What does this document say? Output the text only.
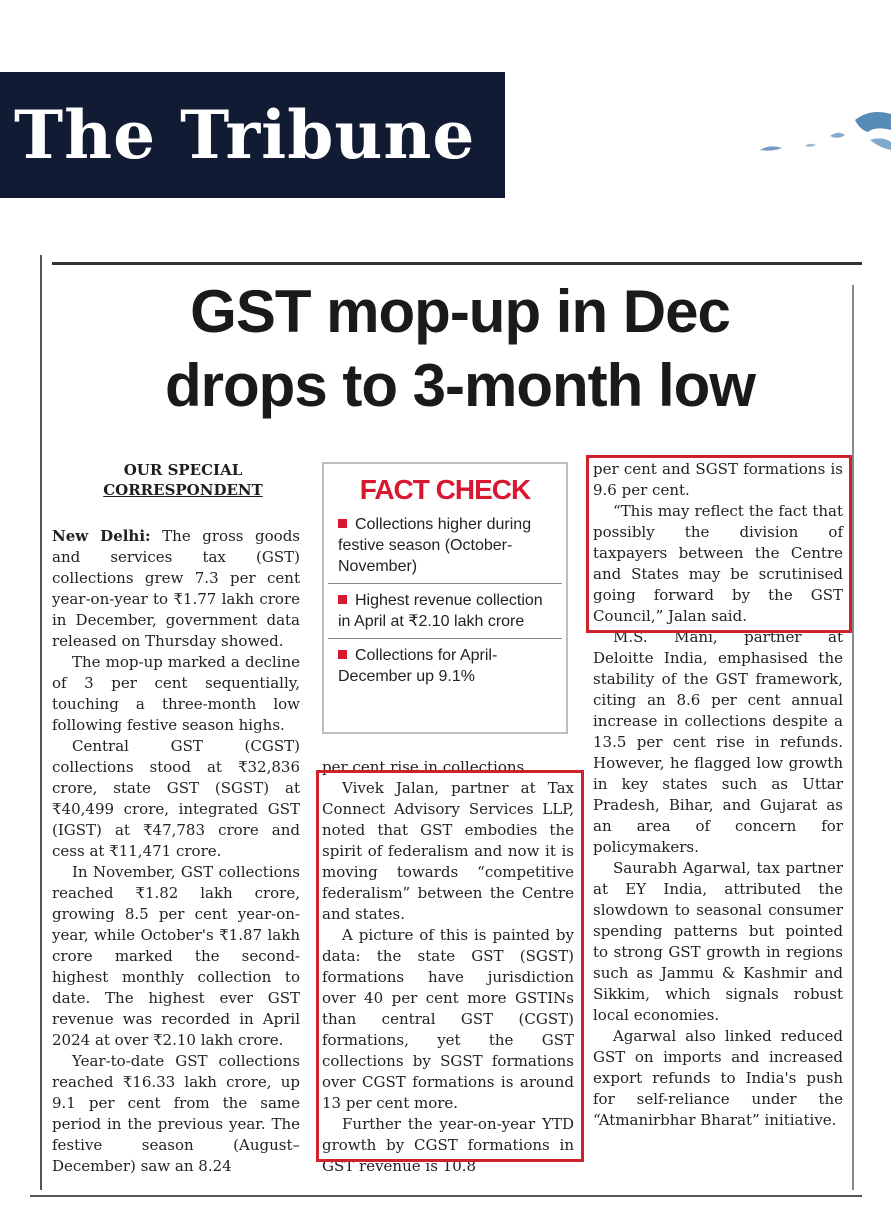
The Tribune
GST mop-up in Dec
drops to 3-month low
OUR SPECIAL
CORRESPONDENT

New Delhi: The gross goods and services tax (GST) collections grew 7.3 per cent year-on-year to ₹1.77 lakh crore in December, government data released on Thursday showed.

The mop-up marked a decline of 3 per cent sequentially, touching a three-month low following festive season highs.

Central GST (CGST) collections stood at ₹32,836 crore, state GST (SGST) at ₹40,499 crore, integrated GST (IGST) at ₹47,783 crore and cess at ₹11,471 crore.

In November, GST collections reached ₹1.82 lakh crore, growing 8.5 per cent year-on-year, while October's ₹1.87 lakh crore marked the second-highest monthly collection to date. The highest ever GST revenue was recorded in April 2024 at over ₹2.10 lakh crore.

Year-to-date GST collections reached ₹16.33 lakh crore, up 9.1 per cent from the same period in the previous year. The festive season (August–December) saw an 8.24

FACT CHECK
Collections higher during festive season (October-November)
Highest revenue collection in April at ₹2.10 lakh crore
Collections for April-December up 9.1%

per cent rise in collections.

Vivek Jalan, partner at Tax Connect Advisory Services LLP, noted that GST embodies the spirit of federalism and now it is moving towards “competitive federalism” between the Centre and states.

A picture of this is painted by data: the state GST (SGST) formations have jurisdiction over 40 per cent more GSTINs than central GST (CGST) formations, yet the GST collections by SGST formations over CGST formations is around 13 per cent more.

Further the year-on-year YTD growth by CGST formations in GST revenue is 10.8

per cent and SGST formations is 9.6 per cent.

“This may reflect the fact that possibly the division of taxpayers between the Centre and States may be scrutinised going forward by the GST Council,” Jalan said.

M.S. Mani, partner at Deloitte India, emphasised the stability of the GST framework, citing an 8.6 per cent annual increase in collections despite a 13.5 per cent rise in refunds. However, he flagged low growth in key states such as Uttar Pradesh, Bihar, and Gujarat as an area of concern for policymakers.

Saurabh Agarwal, tax partner at EY India, attributed the slowdown to seasonal consumer spending patterns but pointed to strong GST growth in regions such as Jammu & Kashmir and Sikkim, which signals robust local economies.

Agarwal also linked reduced GST on imports and increased export refunds to India's push for self-reliance under the “Atmanirbhar Bharat” initiative.
